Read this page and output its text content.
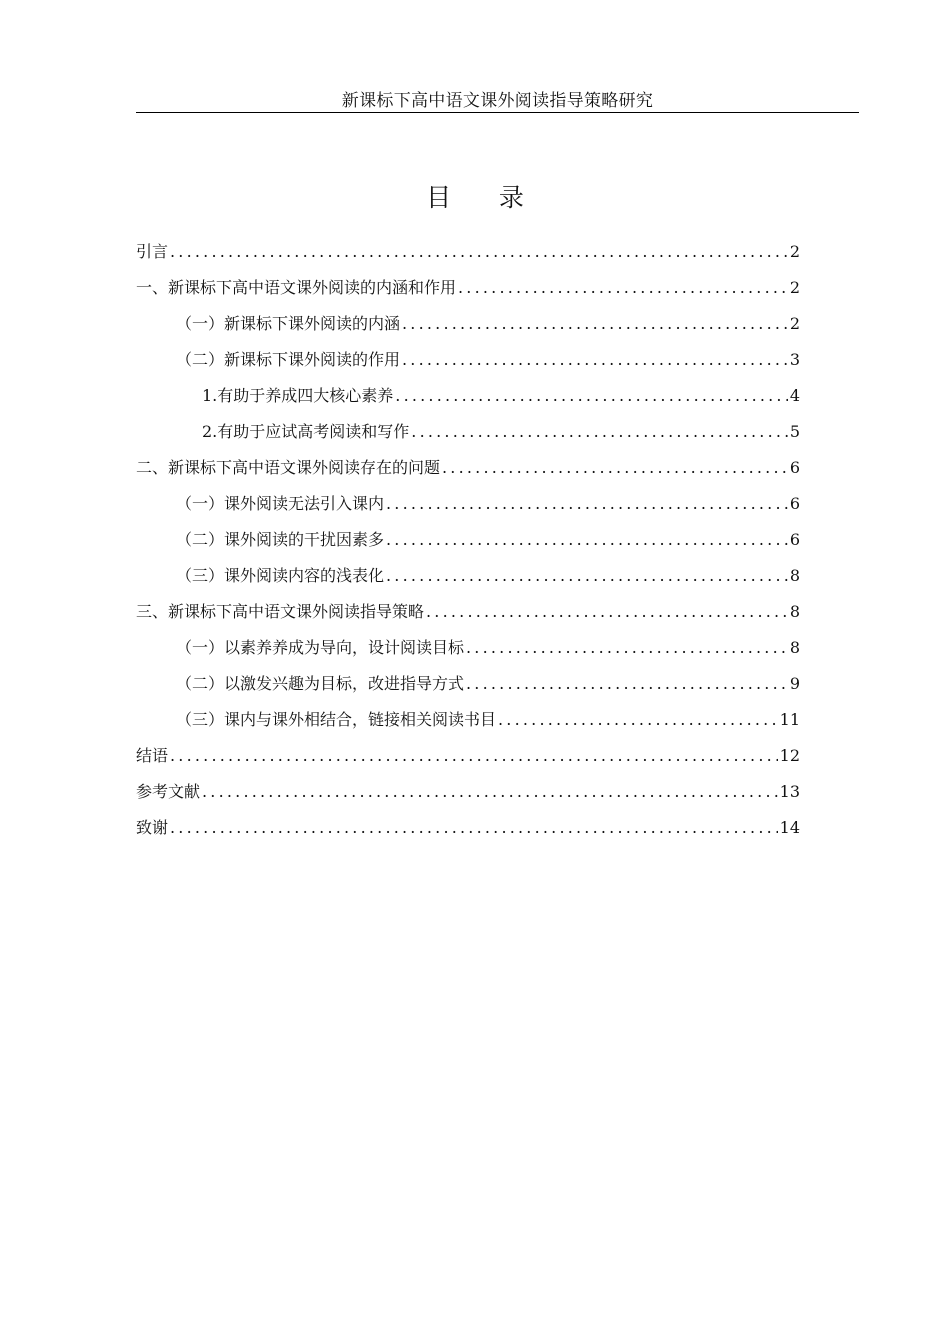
新课标下高中语文课外阅读指导策略研究
目      录
引言 .....	2
一、新课标下高中语文课外阅读的内涵和作用 .....	2
（一）新课标下课外阅读的内涵 .....	2
（二）新课标下课外阅读的作用 .....	3
1.有助于养成四大核心素养 .....	4
2.有助于应试高考阅读和写作 .....	5
二、新课标下高中语文课外阅读存在的问题 .....	6
（一）课外阅读无法引入课内 .....	6
（二）课外阅读的干扰因素多 .....	6
（三）课外阅读内容的浅表化 .....	8
三、新课标下高中语文课外阅读指导策略 .....	8
（一）以素养养成为导向，设计阅读目标 .....	8
（二）以激发兴趣为目标，改进指导方式 .....	9
（三）课内与课外相结合，链接相关阅读书目 .....	11
结语 .....	12
参考文献 .....	13
致谢 .....	14
